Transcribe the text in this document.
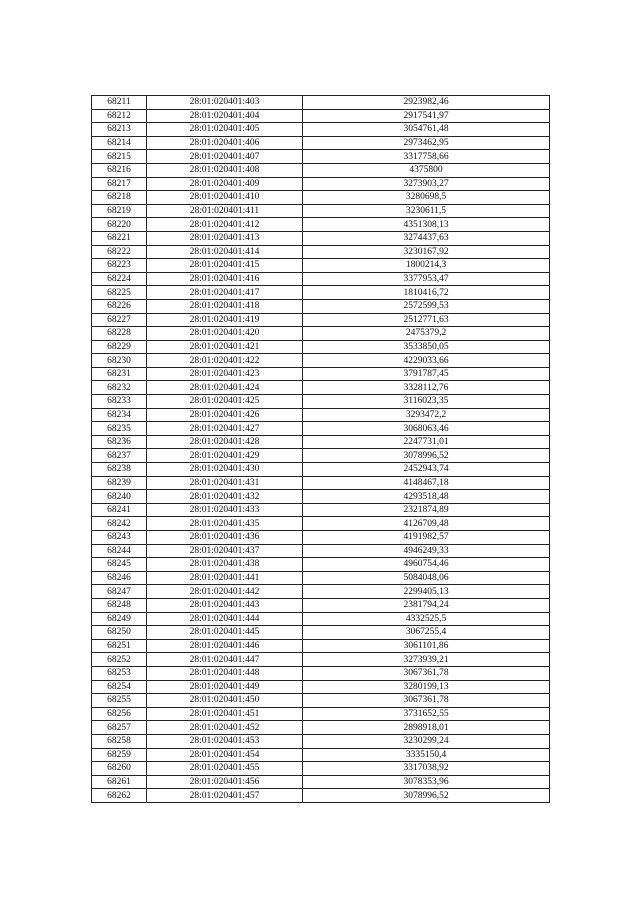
68211	28:01:020401:403	2923982,46
68212	28:01:020401:404	2917541,97
68213	28:01:020401:405	3054761,48
68214	28:01:020401:406	2973462,95
68215	28:01:020401:407	3317758,66
68216	28:01:020401:408	4375800
68217	28:01:020401:409	3273903,27
68218	28:01:020401:410	3280698,5
68219	28:01:020401:411	3230611,5
68220	28:01:020401:412	4351308,13
68221	28:01:020401:413	3274437,63
68222	28:01:020401:414	3230167,92
68223	28:01:020401:415	1800214,3
68224	28:01:020401:416	3377953,47
68225	28:01:020401:417	1810416,72
68226	28:01:020401:418	2572599,53
68227	28:01:020401:419	2512771,63
68228	28:01:020401:420	2475379,2
68229	28:01:020401:421	3533850,05
68230	28:01:020401:422	4229033,66
68231	28:01:020401:423	3791787,45
68232	28:01:020401:424	3328112,76
68233	28:01:020401:425	3116023,35
68234	28:01:020401:426	3293472,2
68235	28:01:020401:427	3068063,46
68236	28:01:020401:428	2247731,01
68237	28:01:020401:429	3078996,52
68238	28:01:020401:430	2452943,74
68239	28:01:020401:431	4148467,18
68240	28:01:020401:432	4293518,48
68241	28:01:020401:433	2321874,89
68242	28:01:020401:435	4126709,48
68243	28:01:020401:436	4191982,57
68244	28:01:020401:437	4946249,33
68245	28:01:020401:438	4960754,46
68246	28:01:020401:441	5084048,06
68247	28:01:020401:442	2299405,13
68248	28:01:020401:443	2381794,24
68249	28:01:020401:444	4332525,5
68250	28:01:020401:445	3067255,4
68251	28:01:020401:446	3061101,86
68252	28:01:020401:447	3273939,21
68253	28:01:020401:448	3067361,78
68254	28:01:020401:449	3280199,13
68255	28:01:020401:450	3067361,78
68256	28:01:020401:451	3731652,55
68257	28:01:020401:452	2898918,01
68258	28:01:020401:453	3230299,24
68259	28:01:020401:454	3335150,4
68260	28:01:020401:455	3317038,92
68261	28:01:020401:456	3078353,96
68262	28:01:020401:457	3078996,52
